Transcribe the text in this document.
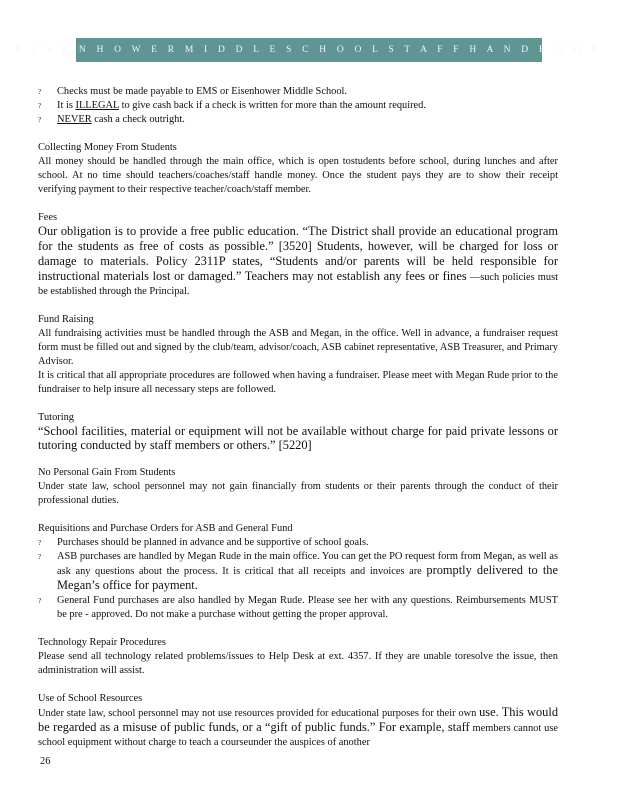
E I S E N H O W E R M I D D L E S C H O O L S T A F F H A N D B O O K
? Checks must be made payable to EMS or Eisenhower Middle School.
? It is ILLEGAL to give cash back if a check is written for more than the amount required.
? NEVER cash a check outright.

Collecting Money From Students

All money should be handled through the main office, which is open tostudents before school, during lunches and after school. At no time should teachers/coaches/staff handle money. Once the student pays they are to show their receipt verifying payment to their respective teacher/coach/staff member.

Fees

Our obligation is to provide a free public education. “The District shall provide an educational program for the students as free of costs as possible.” [3520] Students, however, will be charged for loss or damage to materials. Policy 2311P states, “Students and/or parents will be held responsible for instructional materials lost or damaged.” Teachers may not establish any fees or fines —such policies must be established through the Principal.

Fund Raising

All fundraising activities must be handled through the ASB and Megan, in the office. Well in advance, a fundraiser request form must be filled out and signed by the club/team, advisor/coach, ASB cabinet representative, ASB Treasurer, and Primary Advisor.

It is critical that all appropriate procedures are followed when having a fundraiser. Please meet with Megan Rude prior to the fundraiser to help insure all necessary steps are followed.

Tutoring

“School facilities, material or equipment will not be available without charge for paid private lessons or tutoring conducted by staff members or others.” [5220]

No Personal Gain From Students

Under state law, school personnel may not gain financially from students or their parents through the conduct of their professional duties.

Requisitions and Purchase Orders for ASB and General Fund

? Purchases should be planned in advance and be supportive of school goals.
? ASB purchases are handled by Megan Rude in the main office. You can get the PO request form from Megan, as well as ask any questions about the process. It is critical that all receipts and invoices are promptly delivered to the Megan’s office for payment.
? General Fund purchases are also handled by Megan Rude. Please see her with any questions. Reimbursements MUST be pre - approved. Do not make a purchase without getting the proper approval.

Technology Repair Procedures

Please send all technology related problems/issues to Help Desk at ext. 4357. If they are unable toresolve the issue, then administration will assist.

Use of School Resources

Under state law, school personnel may not use resources provided for educational purposes for their own use. This would be regarded as a misuse of public funds, or a “gift of public funds.” For example, staff members cannot use school equipment without charge to teach a courseunder the auspices of another

26
